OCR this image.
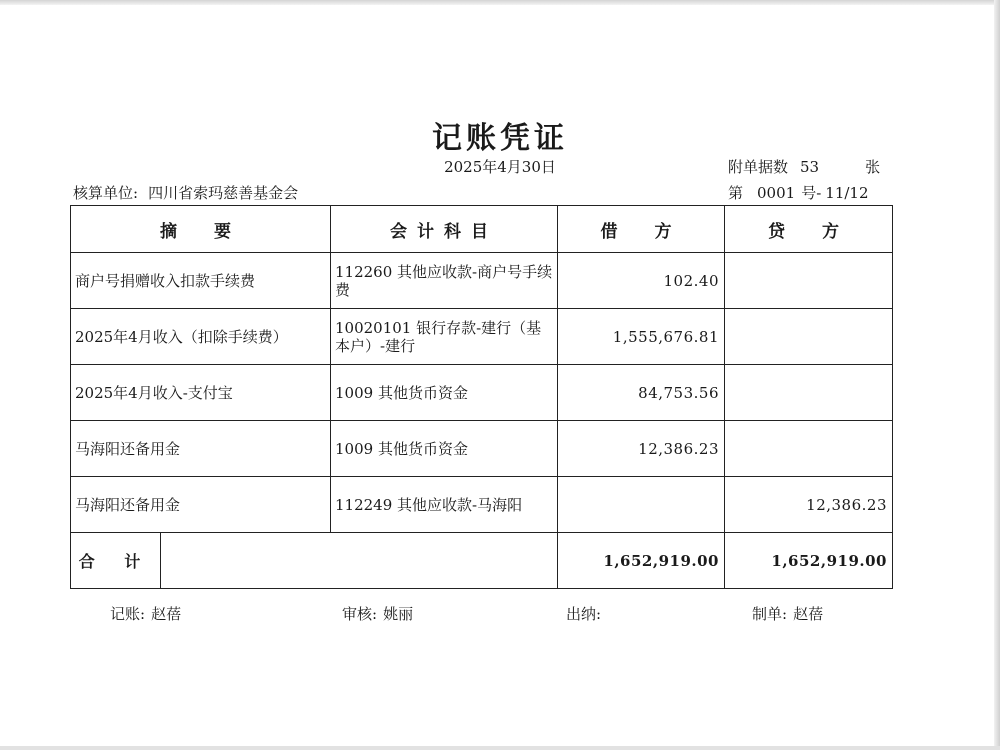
记账凭证
2025年4月30日	附单据数 53	张
核算单位: 四川省索玛慈善基金会	第 0001 号- 11/12
摘　要		会计科目	借　方	贷　方
商户号捐赠收入扣款手续费		112260 其他应收款-商户号手续费	102.40	
2025年4月收入（扣除手续费）		10020101 银行存款-建行（基本户）-建行	1,555,676.81	
2025年4月收入-支付宝		1009 其他货币资金	84,753.56	
马海阳还备用金		1009 其他货币资金	12,386.23	
马海阳还备用金		112249 其他应收款-马海阳		12,386.23
合 计			1,652,919.00	1,652,919.00
记账: 赵蓓	审核: 姚丽	出纳:	制单: 赵蓓
